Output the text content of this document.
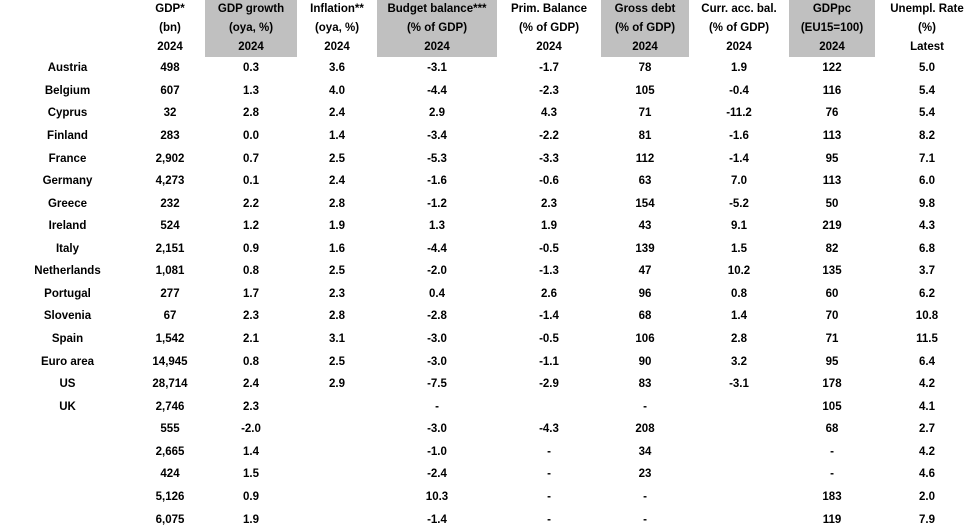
	GDP*	GDP growth	Inflation**	Budget balance***	Prim. Balance	Gross debt	Curr. acc. bal.	GDPpc	Unempl. Rate
	(bn)	(oya, %)	(oya, %)	(% of GDP)	(% of GDP)	(% of GDP)	(% of GDP)	(EU15=100)	(%)
	2024	2024	2024	2024	2024	2024	2024	2024	Latest
Austria	498	0.3	3.6	-3.1	-1.7	78	1.9	122	5.0
Belgium	607	1.3	4.0	-4.4	-2.3	105	-0.4	116	5.4
Cyprus	32	2.8	2.4	2.9	4.3	71	-11.2	76	5.4
Finland	283	0.0	1.4	-3.4	-2.2	81	-1.6	113	8.2
France	2,902	0.7	2.5	-5.3	-3.3	112	-1.4	95	7.1
Germany	4,273	0.1	2.4	-1.6	-0.6	63	7.0	113	6.0
Greece	232	2.2	2.8	-1.2	2.3	154	-5.2	50	9.8
Ireland	524	1.2	1.9	1.3	1.9	43	9.1	219	4.3
Italy	2,151	0.9	1.6	-4.4	-0.5	139	1.5	82	6.8
Netherlands	1,081	0.8	2.5	-2.0	-1.3	47	10.2	135	3.7
Portugal	277	1.7	2.3	0.4	2.6	96	0.8	60	6.2
Slovenia	67	2.3	2.8	-2.8	-1.4	68	1.4	70	10.8
Spain	1,542	2.1	3.1	-3.0	-0.5	106	2.8	71	11.5
Euro area	14,945	0.8	2.5	-3.0	-1.1	90	3.2	95	6.4
US	28,714	2.4	2.9	-7.5	-2.9	83	-3.1	178	4.2
UK	2,746	2.3		-		-		105	4.1
	555	-2.0		-3.0	-4.3	208		68	2.7
	2,665	1.4		-1.0	-	34		-	4.2
	424	1.5		-2.4	-	23		-	4.6
	5,126	0.9		10.3	-	-		183	2.0
	6,075	1.9		-1.4	-	-		119	7.9
